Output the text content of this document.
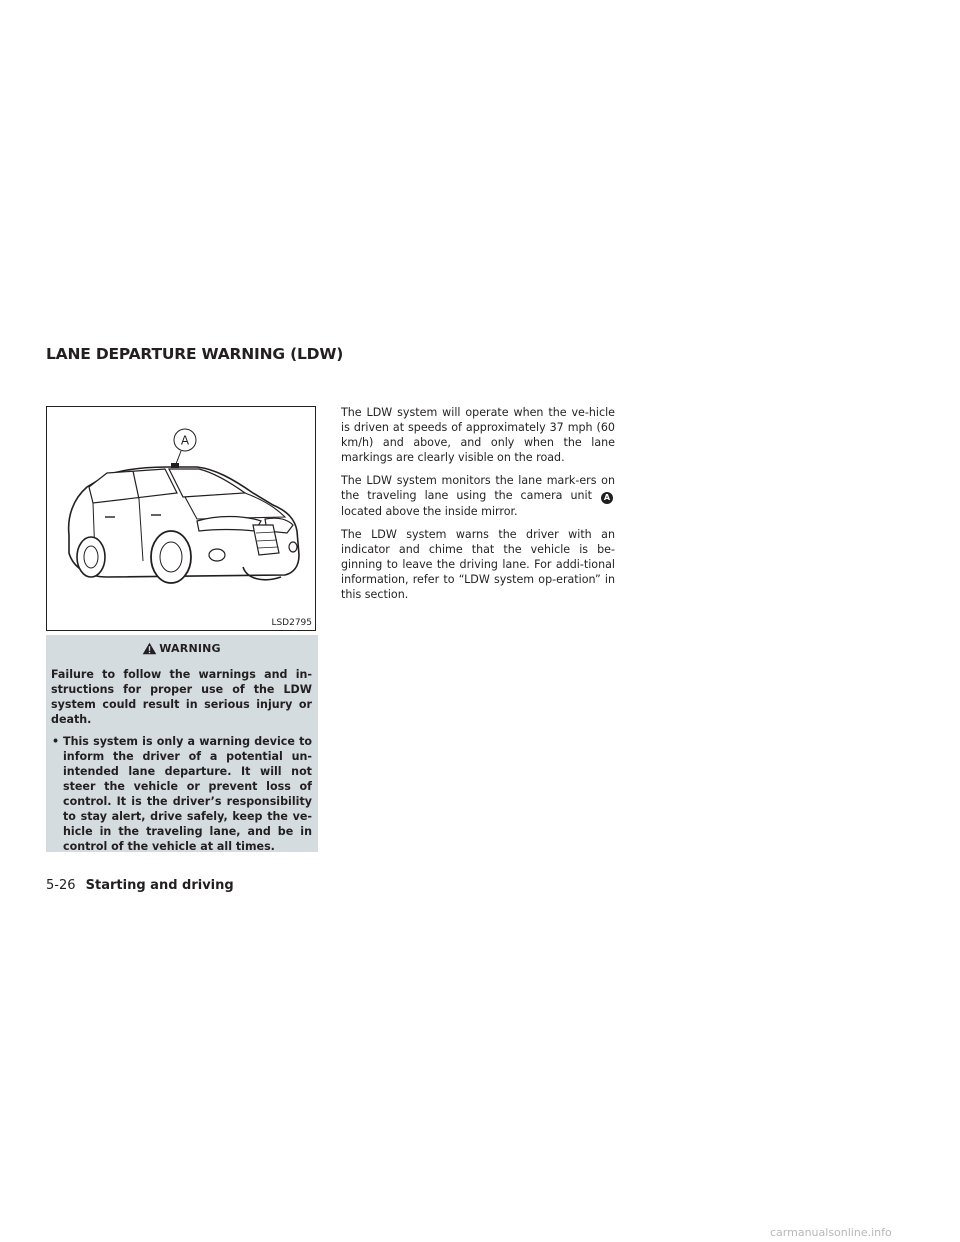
LANE DEPARTURE WARNING (LDW)
A
LSD2795
WARNING

Failure to follow the warnings and in-structions for proper use of the LDW system could result in serious injury or death.

• This system is only a warning device to inform the driver of a potential un-intended lane departure. It will not steer the vehicle or prevent loss of control. It is the driver’s responsibility to stay alert, drive safely, keep the ve-hicle in the traveling lane, and be in control of the vehicle at all times.

The LDW system will operate when the ve-hicle is driven at speeds of approximately 37 mph (60 km/h) and above, and only when the lane markings are clearly visible on the road.

The LDW system monitors the lane mark-ers on the traveling lane using the camera unit A located above the inside mirror.

The LDW system warns the driver with an indicator and chime that the vehicle is be-ginning to leave the driving lane. For addi-tional information, refer to “LDW system op-eration” in this section.

5-26 Starting and driving
carmanualsonline.info
